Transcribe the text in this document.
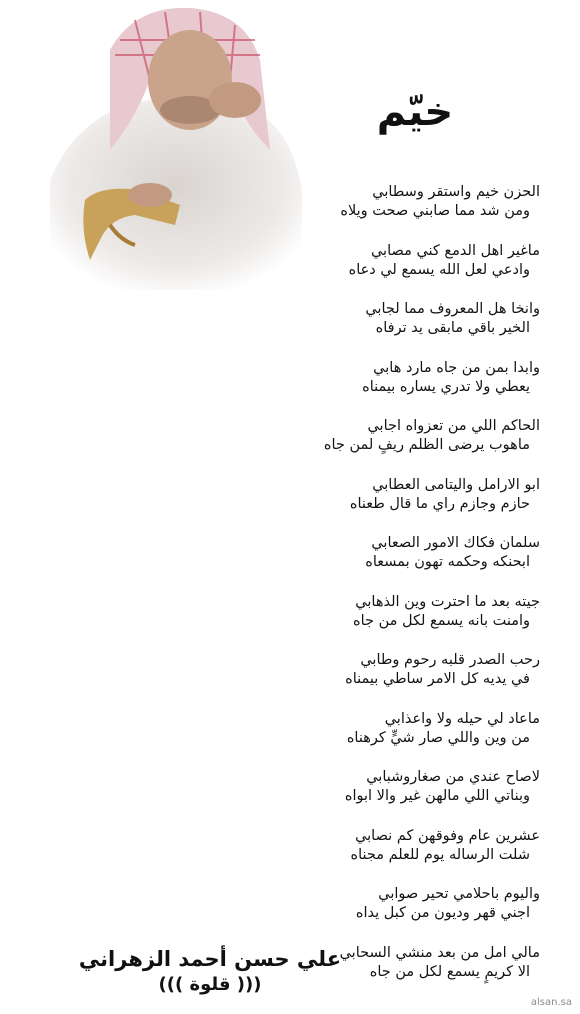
خيّم
الحزن خيم واستقر وسطابي
ومن شد مما صابني صحت ويلاه
ماغير اهل الدمع كني مصابي
وادعي لعل الله يسمع لي دعاه
وانخا هل المعروف مما لجابي
الخير باقي مابقى يد ترفاه
وابدا بمن من جاه مارد هابي
يعطي ولا تدري يساره بيمناه
الحاكم اللي من تعزواه اجابي
ماهوب يرضى الظلم ريفٍ لمن جاه
ابو الارامل واليتامى العطابي
حازم وجازم راي ما قال طعناه
سلمان فكاك الامور الصعابي
ابحنكه وحكمه تهون بمسعاه
جيته بعد ما احترت وين الذهابي
وامنت بانه يسمع لكل من جاه
رحب الصدر قلبه رحوم وطابي
في يديه كل الامر ساطي بيمناه
ماعاد لي حيله ولا واعذابي
من وين واللي صار شيٍّ كرهناه
لاصاح عندي من صغاروشبابي
وبناتي اللي مالهن غير والا ابواه
عشرين عام وفوقهن كم نصابي
شلت الرساله يوم للعلم مجناه
واليوم باحلامي تحير صوابي
اجني قهر وديون من كبل يداه
مالي امل من بعد منشي السحابي
الا كريمٍ يسمع لكل من جاه
علي حسن أحمد الزهراني
((( قلوة )))
alsan.sa
